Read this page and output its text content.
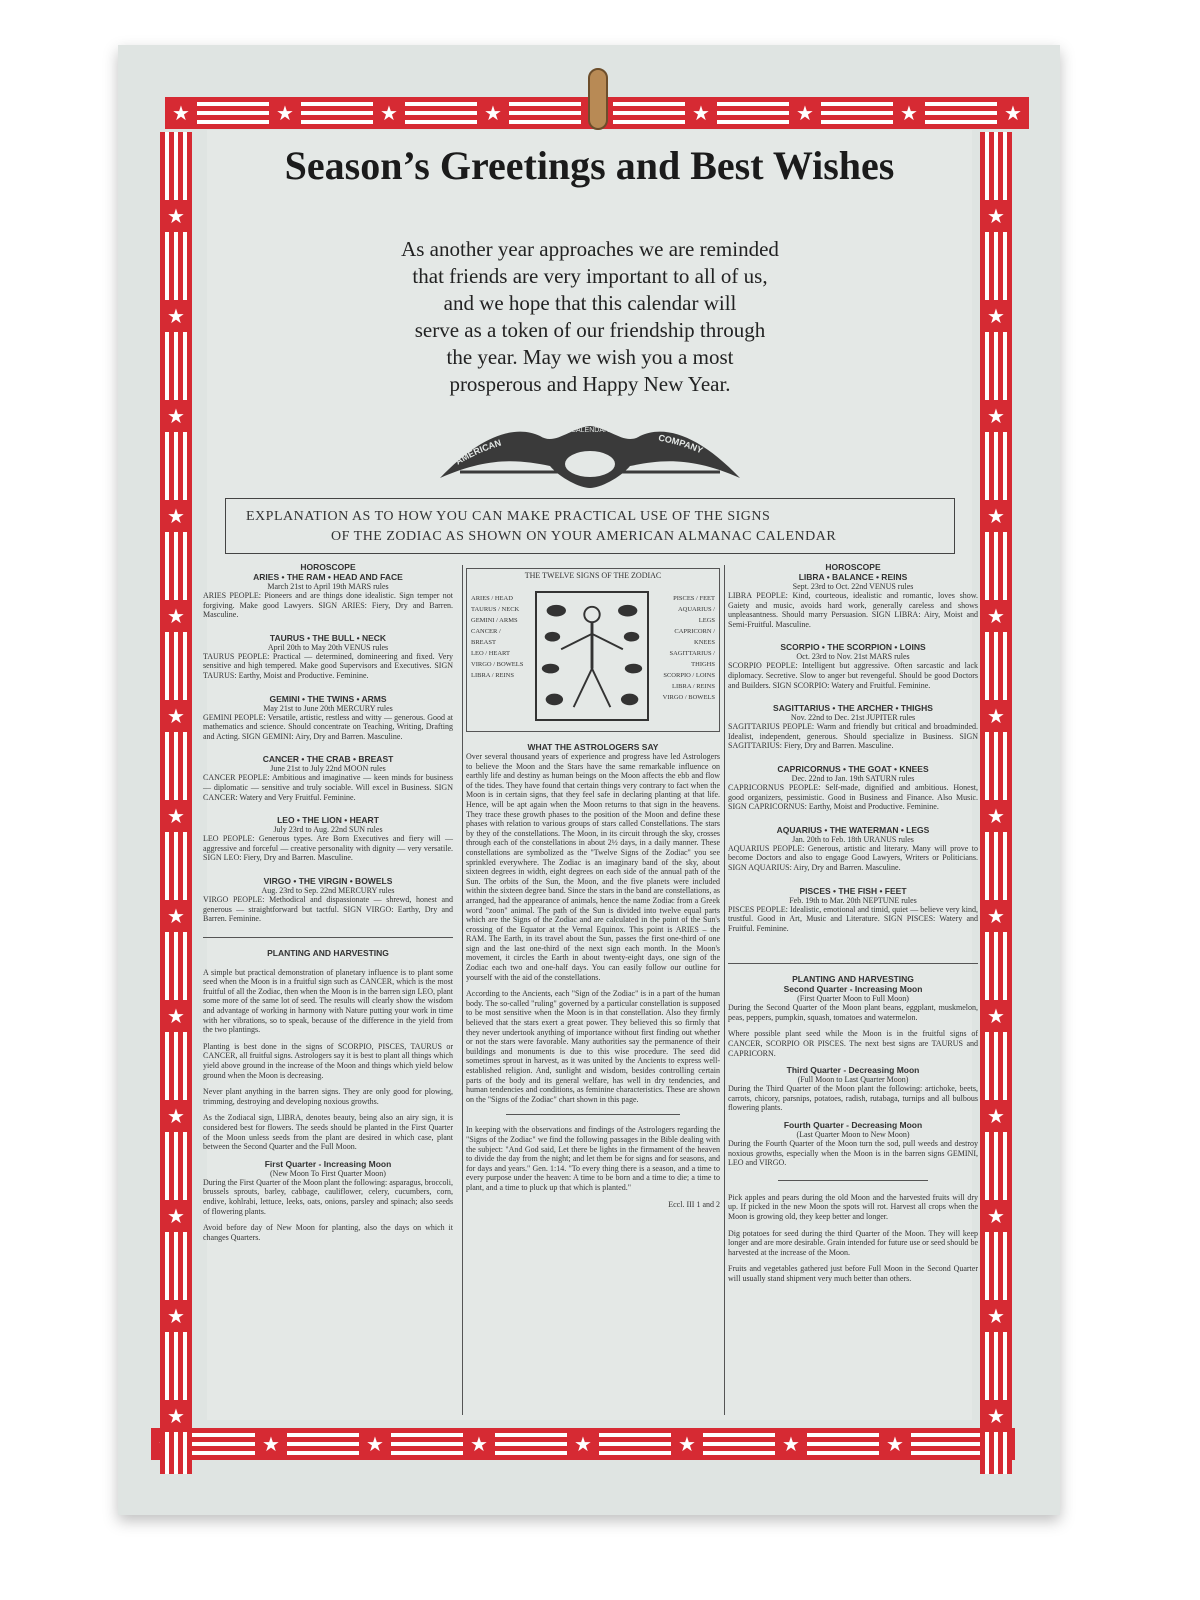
★	★	★	★	★	★	★	★
★	★	★	★	★	★	★
★
★
★
★
★
★
★
★
★
★
★
★
★
★
★
★
★
★
★
★
★
★
★
★
★
★
Season’s Greetings and Best Wishes
As another year approaches we are reminded
that friends are very important to all of us,
and we hope that this calendar will
serve as a token of our friendship through
the year. May we wish you a most
prosperous and Happy New Year.
AMERICAN
CALENDAR
COMPANY
EXPLANATION AS TO HOW YOU CAN MAKE PRACTICAL USE OF THE SIGNS
OF THE ZODIAC AS SHOWN ON YOUR AMERICAN ALMANAC CALENDAR
HOROSCOPE
ARIES • THE RAM • HEAD AND FACE
March 21st to April 19th MARS rules
ARIES PEOPLE: Pioneers and are things done idealistic. Sign temper not forgiving. Make good Lawyers. SIGN ARIES: Fiery, Dry and Barren. Masculine.
TAURUS • THE BULL • NECK
April 20th to May 20th VENUS rules
TAURUS PEOPLE: Practical — determined, domineering and fixed. Very sensitive and high tempered. Make good Supervisors and Executives. SIGN TAURUS: Earthy, Moist and Productive. Feminine.
GEMINI • THE TWINS • ARMS
May 21st to June 20th MERCURY rules
GEMINI PEOPLE: Versatile, artistic, restless and witty — generous. Good at mathematics and science. Should concentrate on Teaching, Writing, Drafting and Acting. SIGN GEMINI: Airy, Dry and Barren. Masculine.
CANCER • THE CRAB • BREAST
June 21st to July 22nd MOON rules
CANCER PEOPLE: Ambitious and imaginative — keen minds for business — diplomatic — sensitive and truly sociable. Will excel in Business. SIGN CANCER: Watery and Very Fruitful. Feminine.
LEO • THE LION • HEART
July 23rd to Aug. 22nd SUN rules
LEO PEOPLE: Generous types. Are Born Executives and fiery will — aggressive and forceful — creative personality with dignity — very versatile. SIGN LEO: Fiery, Dry and Barren. Masculine.
VIRGO • THE VIRGIN • BOWELS
Aug. 23rd to Sep. 22nd MERCURY rules
VIRGO PEOPLE: Methodical and dispassionate — shrewd, honest and generous — straightforward but tactful. SIGN VIRGO: Earthy, Dry and Barren. Feminine.
PLANTING AND HARVESTING
A simple but practical demonstration of planetary influence is to plant some seed when the Moon is in a fruitful sign such as CANCER, which is the most fruitful of all the Zodiac, then when the Moon is in the barren sign LEO, plant some more of the same lot of seed. The results will clearly show the wisdom and advantage of working in harmony with Nature putting your work in time with her vibrations, so to speak, because of the difference in the yield from the two plantings.
Planting is best done in the signs of SCORPIO, PISCES, TAURUS or CANCER, all fruitful signs. Astrologers say it is best to plant all things which yield above ground in the increase of the Moon and things which yield below ground when the Moon is decreasing.
Never plant anything in the barren signs. They are only good for plowing, trimming, destroying and developing noxious growths.
As the Zodiacal sign, LIBRA, denotes beauty, being also an airy sign, it is considered best for flowers. The seeds should be planted in the First Quarter of the Moon unless seeds from the plant are desired in which case, plant between the Second Quarter and the Full Moon.
First Quarter - Increasing Moon
(New Moon To First Quarter Moon)
During the First Quarter of the Moon plant the following: asparagus, broccoli, brussels sprouts, barley, cabbage, cauliflower, celery, cucumbers, corn, endive, kohlrabi, lettuce, leeks, oats, onions, parsley and spinach; also seeds of flowering plants.
Avoid before day of New Moon for planting, also the days on which it changes Quarters.
THE TWELVE SIGNS OF THE ZODIAC
ARIES / HEAD
TAURUS / NECK
GEMINI / ARMS
CANCER / BREAST
LEO / HEART
VIRGO / BOWELS
LIBRA / REINS
PISCES / FEET
AQUARIUS / LEGS
CAPRICORN / KNEES
SAGITTARIUS / THIGHS
SCORPIO / LOINS
LIBRA / REINS
VIRGO / BOWELS
WHAT THE ASTROLOGERS SAY
Over several thousand years of experience and progress have led Astrologers to believe the Moon and the Stars have the same remarkable influence on earthly life and destiny as human beings on the Moon affects the ebb and flow of the tides. They have found that certain things very contrary to fact when the Moon is in certain signs, that they feel safe in declaring planting at that life. Hence, will be apt again when the Moon returns to that sign in the heavens. They trace these growth phases to the position of the Moon and define these phases with relation to various groups of stars called Constellations. The stars by they of the constellations. The Moon, in its circuit through the sky, crosses through each of the constellations in about 2½ days, in a daily manner. These constellations are symbolized as the "Twelve Signs of the Zodiac" you see sprinkled everywhere. The Zodiac is an imaginary band of the sky, about sixteen degrees in width, eight degrees on each side of the annual path of the Sun. The orbits of the Sun, the Moon, and the five planets were included within the sixteen degree band. Since the stars in the band are constellations, as arranged, had the appearance of animals, hence the name Zodiac from a Greek word "zoon" animal. The path of the Sun is divided into twelve equal parts which are the Signs of the Zodiac and are calculated in the point of the Sun's crossing of the Equator at the Vernal Equinox. This point is ARIES – the RAM. The Earth, in its travel about the Sun, passes the first one-third of one sign and the last one-third of the next sign each month. In the Moon's movement, it circles the Earth in about twenty-eight days, one sign of the Zodiac each two and one-half days. You can easily follow our outline for yourself with the aid of the constellations.
According to the Ancients, each "Sign of the Zodiac" is in a part of the human body. The so-called "ruling" governed by a particular constellation is supposed to be most sensitive when the Moon is in that constellation. Also they firmly believed that the stars exert a great power. They believed this so firmly that they never undertook anything of importance without first finding out whether or not the stars were favorable. Many authorities say the permanence of their buildings and monuments is due to this wise procedure. The seed did sometimes sprout in harvest, as it was united by the Ancients to express well-established religion. And, sunlight and wisdom, besides controlling certain parts of the body and its general welfare, has well in dry tendencies, and human tendencies and conditions, as feminine characteristics. These are shown on the "Signs of the Zodiac" chart shown in this page.
In keeping with the observations and findings of the Astrologers regarding the "Signs of the Zodiac" we find the following passages in the Bible dealing with the subject: "And God said, Let there be lights in the firmament of the heaven to divide the day from the night; and let them be for signs and for seasons, and for days and years." Gen. 1:14. "To every thing there is a season, and a time to every purpose under the heaven: A time to be born and a time to die; a time to plant, and a time to pluck up that which is planted."
Eccl. III 1 and 2
HOROSCOPE
LIBRA • BALANCE • REINS
Sept. 23rd to Oct. 22nd VENUS rules
LIBRA PEOPLE: Kind, courteous, idealistic and romantic, loves show. Gaiety and music, avoids hard work, generally careless and shows unpleasantness. Should marry Persuasion. SIGN LIBRA: Airy, Moist and Semi-Fruitful. Masculine.
SCORPIO • THE SCORPION • LOINS
Oct. 23rd to Nov. 21st MARS rules
SCORPIO PEOPLE: Intelligent but aggressive. Often sarcastic and lack diplomacy. Secretive. Slow to anger but revengeful. Should be good Doctors and Builders. SIGN SCORPIO: Watery and Fruitful. Feminine.
SAGITTARIUS • THE ARCHER • THIGHS
Nov. 22nd to Dec. 21st JUPITER rules
SAGITTARIUS PEOPLE: Warm and friendly but critical and broadminded. Idealist, independent, generous. Should specialize in Business. SIGN SAGITTARIUS: Fiery, Dry and Barren. Masculine.
CAPRICORNUS • THE GOAT • KNEES
Dec. 22nd to Jan. 19th SATURN rules
CAPRICORNUS PEOPLE: Self-made, dignified and ambitious. Honest, good organizers, pessimistic. Good in Business and Finance. Also Music. SIGN CAPRICORNUS: Earthy, Moist and Productive. Feminine.
AQUARIUS • THE WATERMAN • LEGS
Jan. 20th to Feb. 18th URANUS rules
AQUARIUS PEOPLE: Generous, artistic and literary. Many will prove to become Doctors and also to engage Good Lawyers, Writers or Politicians. SIGN AQUARIUS: Airy, Dry and Barren. Masculine.
PISCES • THE FISH • FEET
Feb. 19th to Mar. 20th NEPTUNE rules
PISCES PEOPLE: Idealistic, emotional and timid, quiet — believe very kind, trustful. Good in Art, Music and Literature. SIGN PISCES: Watery and Fruitful. Feminine.
PLANTING AND HARVESTING
Second Quarter - Increasing Moon
(First Quarter Moon to Full Moon)
During the Second Quarter of the Moon plant beans, eggplant, muskmelon, peas, peppers, pumpkin, squash, tomatoes and watermelon.
Where possible plant seed while the Moon is in the fruitful signs of CANCER, SCORPIO OR PISCES. The next best signs are TAURUS and CAPRICORN.
Third Quarter - Decreasing Moon
(Full Moon to Last Quarter Moon)
During the Third Quarter of the Moon plant the following: artichoke, beets, carrots, chicory, parsnips, potatoes, radish, rutabaga, turnips and all bulbous flowering plants.
Fourth Quarter - Decreasing Moon
(Last Quarter Moon to New Moon)
During the Fourth Quarter of the Moon turn the sod, pull weeds and destroy noxious growths, especially when the Moon is in the barren signs GEMINI, LEO and VIRGO.
Pick apples and pears during the old Moon and the harvested fruits will dry up. If picked in the new Moon the spots will rot. Harvest all crops when the Moon is growing old, they keep better and longer.
Dig potatoes for seed during the third Quarter of the Moon. They will keep longer and are more desirable. Grain intended for future use or seed should be harvested at the increase of the Moon.
Fruits and vegetables gathered just before Full Moon in the Second Quarter will usually stand shipment very much better than others.
